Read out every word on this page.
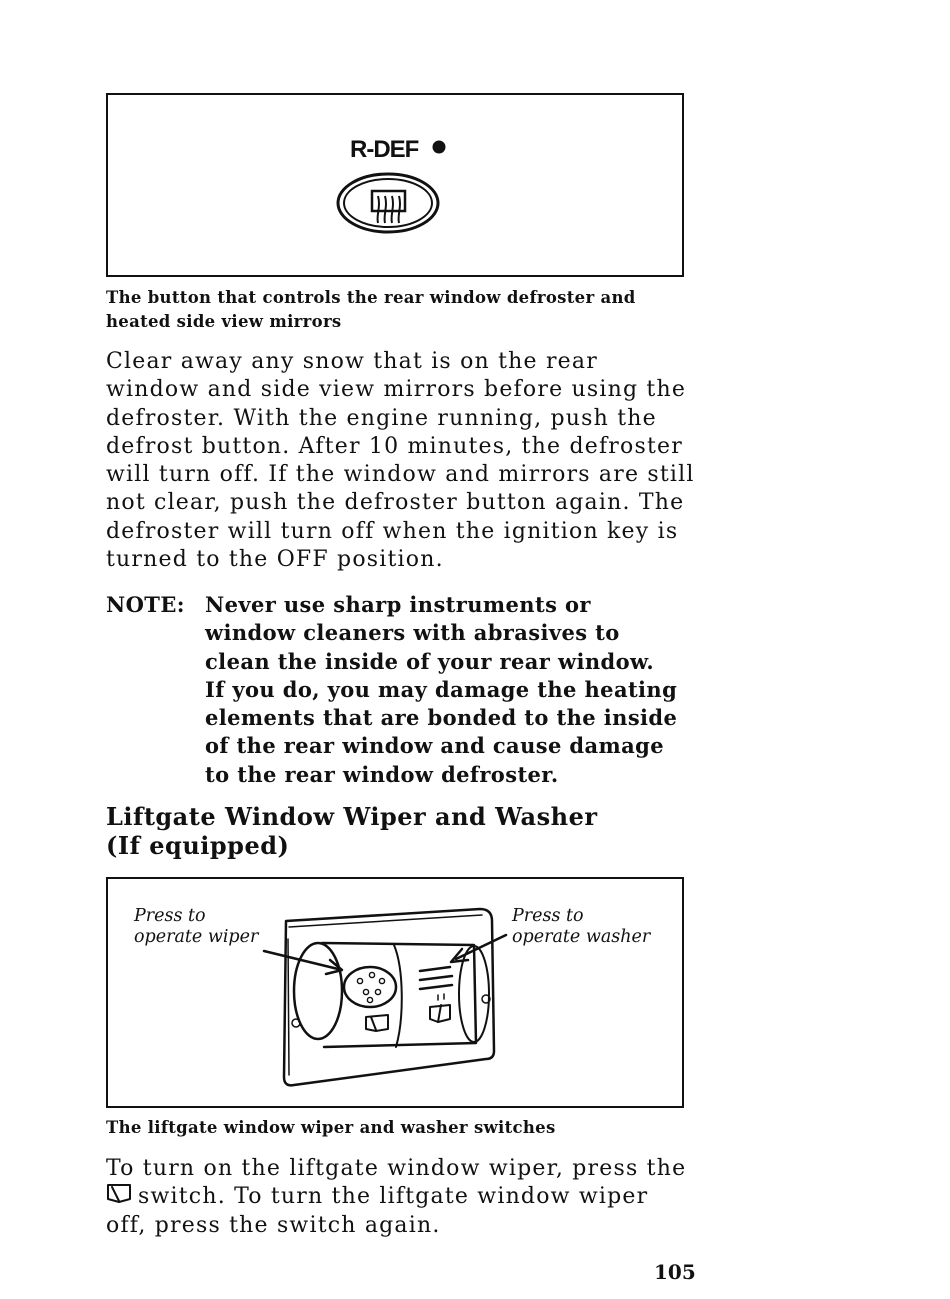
R-DEF
The button that controls the rear window defroster and
heated side view mirrors
Clear away any snow that is on the rear
window and side view mirrors before using the
defroster. With the engine running, push the
defrost button. After 10 minutes, the defroster
will turn off. If the window and mirrors are still
not clear, push the defroster button again. The
defroster will turn off when the ignition key is
turned to the OFF position.
NOTE: Never use sharp instruments or
window cleaners with abrasives to
clean the inside of your rear window.
If you do, you may damage the heating
elements that are bonded to the inside
of the rear window and cause damage
to the rear window defroster.
Liftgate Window Wiper and Washer
(If equipped)
Press to
operate wiper
Press to
operate washer
The liftgate window wiper and washer switches
To turn on the liftgate window wiper, press the
switch. To turn the liftgate window wiper
off, press the switch again.
105
